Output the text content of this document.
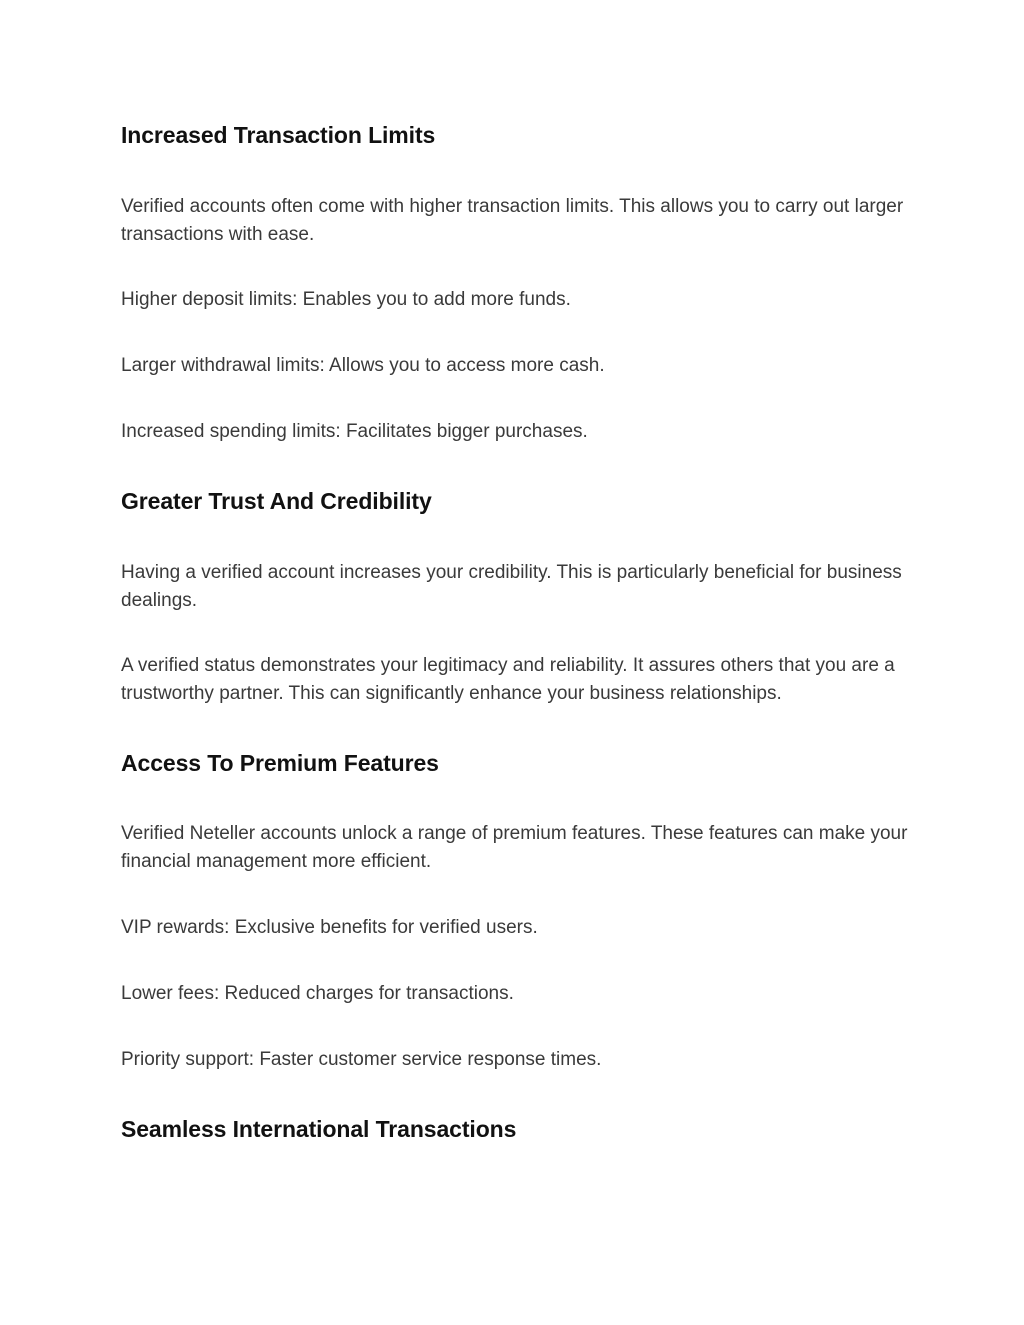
Increased Transaction Limits

Verified accounts often come with higher transaction limits. This allows you to carry out larger transactions with ease.

Higher deposit limits: Enables you to add more funds.

Larger withdrawal limits: Allows you to access more cash.

Increased spending limits: Facilitates bigger purchases.

Greater Trust And Credibility

Having a verified account increases your credibility. This is particularly beneficial for business dealings.

A verified status demonstrates your legitimacy and reliability. It assures others that you are a trustworthy partner. This can significantly enhance your business relationships.

Access To Premium Features

Verified Neteller accounts unlock a range of premium features. These features can make your financial management more efficient.

VIP rewards: Exclusive benefits for verified users.

Lower fees: Reduced charges for transactions.

Priority support: Faster customer service response times.

Seamless International Transactions
